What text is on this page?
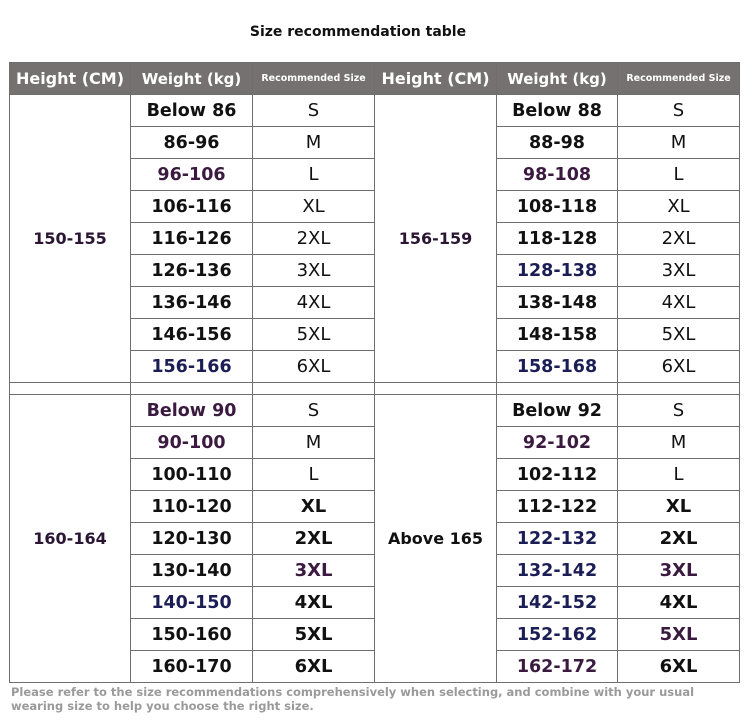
Size recommendation table
Height (CM)	Weight (kg)	Recommended Size	Height (CM)	Weight (kg)	Recommended Size
150-155	Below 86	S	156-159	Below 88	S
	86-96	M		88-98	M
	96-106	L		98-108	L
	106-116	XL		108-118	XL
	116-126	2XL		118-128	2XL
	126-136	3XL		128-138	3XL
	136-146	4XL		138-148	4XL
	146-156	5XL		148-158	5XL
	156-166	6XL		158-168	6XL

160-164	Below 90	S	Above 165	Below 92	S
	90-100	M		92-102	M
	100-110	L		102-112	L
	110-120	XL		112-122	XL
	120-130	2XL		122-132	2XL
	130-140	3XL		132-142	3XL
	140-150	4XL		142-152	4XL
	150-160	5XL		152-162	5XL
	160-170	6XL		162-172	6XL
Please refer to the size recommendations comprehensively when selecting, and combine with your usual wearing size to help you choose the right size.
